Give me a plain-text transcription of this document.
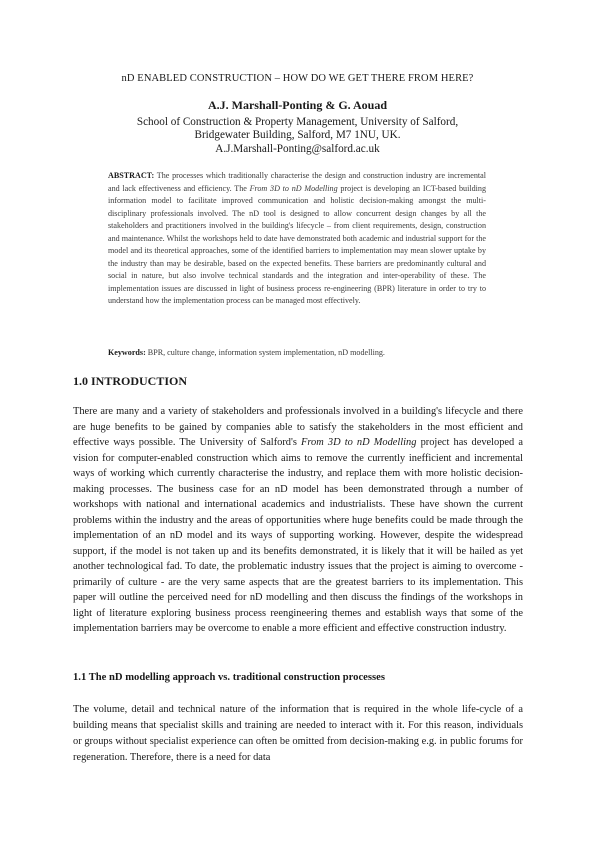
nD ENABLED CONSTRUCTION – HOW DO WE GET THERE FROM HERE?
A.J. Marshall-Ponting & G. Aouad
School of Construction & Property Management, University of Salford,
Bridgewater Building, Salford, M7 1NU, UK.
A.J.Marshall-Ponting@salford.ac.uk
ABSTRACT: The processes which traditionally characterise the design and construction industry are incremental and lack effectiveness and efficiency. The From 3D to nD Modelling project is developing an ICT-based building information model to facilitate improved communication and holistic decision-making amongst the multi-disciplinary professionals involved. The nD tool is designed to allow concurrent design changes by all the stakeholders and practitioners involved in the building's lifecycle – from client requirements, design, construction and maintenance. Whilst the workshops held to date have demonstrated both academic and industrial support for the model and its theoretical approaches, some of the identified barriers to implementation may mean slower uptake by the industry than may be desirable, based on the expected benefits. These barriers are predominantly cultural and social in nature, but also involve technical standards and the integration and inter-operability of these. The implementation issues are discussed in light of business process re-engineering (BPR) literature in order to try to understand how the implementation process can be managed most effectively.
Keywords: BPR, culture change, information system implementation, nD modelling.
1.0 INTRODUCTION
There are many and a variety of stakeholders and professionals involved in a building's lifecycle and there are huge benefits to be gained by companies able to satisfy the stakeholders in the most efficient and effective ways possible. The University of Salford's From 3D to nD Modelling project has developed a vision for computer-enabled construction which aims to remove the currently inefficient and incremental ways of working which currently characterise the industry, and replace them with more holistic decision-making processes. The business case for an nD model has been demonstrated through a number of workshops with national and international academics and industrialists. These have shown the current problems within the industry and the areas of opportunities where huge benefits could be made through the implementation of an nD model and its ways of supporting working. However, despite the widespread support, if the model is not taken up and its benefits demonstrated, it is likely that it will be hailed as yet another technological fad. To date, the problematic industry issues that the project is aiming to overcome - primarily of culture - are the very same aspects that are the greatest barriers to its implementation. This paper will outline the perceived need for nD modelling and then discuss the findings of the workshops in light of literature exploring business process reengineering themes and establish ways that some of the implementation barriers may be overcome to enable a more efficient and effective construction industry.
1.1 The nD modelling approach vs. traditional construction processes
The volume, detail and technical nature of the information that is required in the whole life-cycle of a building means that specialist skills and training are needed to interact with it. For this reason, individuals or groups without specialist experience can often be omitted from decision-making e.g. in public forums for regeneration. Therefore, there is a need for data
